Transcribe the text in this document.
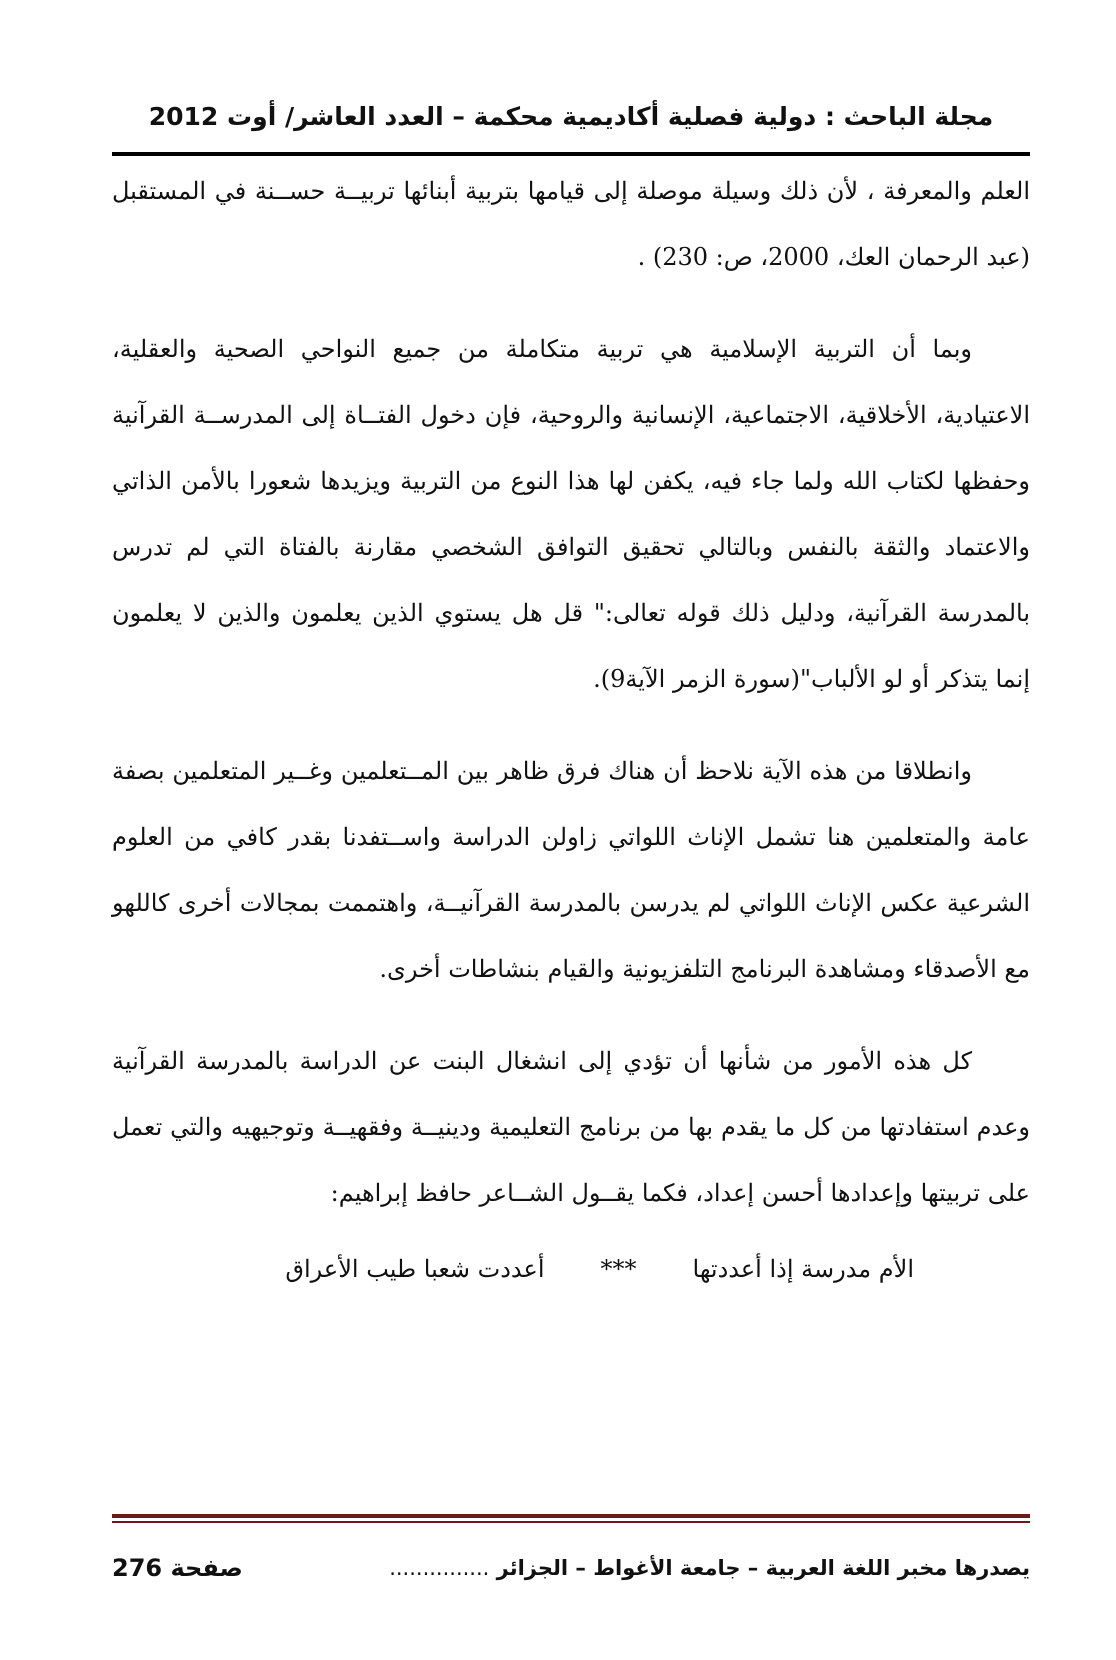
مجلة الباحث : دولية فصلية أكاديمية محكمة – العدد العاشر/ أوت 2012

العلم والمعرفة ، لأن ذلك وسيلة موصلة إلى قيامها بتربية أبنائها تربيــة حســنة في المستقبل (عبد الرحمان العك، 2000، ص: 230) .

وبما أن التربية الإسلامية هي تربية متكاملة من جميع النواحي الصحية والعقلية، الاعتيادية، الأخلاقية، الاجتماعية، الإنسانية والروحية، فإن دخول الفتــاة إلى المدرســة القرآنية وحفظها لكتاب الله ولما جاء فيه، يكفن لها هذا النوع من التربية ويزيدها شعورا بالأمن الذاتي والاعتماد والثقة بالنفس وبالتالي تحقيق التوافق الشخصي مقارنة بالفتاة التي لم تدرس بالمدرسة القرآنية، ودليل ذلك قوله تعالى:" قل هل يستوي الذين يعلمون والذين لا يعلمون إنما يتذكر أو لو الألباب"(سورة الزمر الآية9).

وانطلاقا من هذه الآية نلاحظ أن هناك فرق ظاهر بين المــتعلمين وغــير المتعلمين بصفة عامة والمتعلمين هنا تشمل الإناث اللواتي زاولن الدراسة واســتفدنا بقدر كافي من العلوم الشرعية عكس الإناث اللواتي لم يدرسن بالمدرسة القرآنيــة، واهتممت بمجالات أخرى كاللهو مع الأصدقاء ومشاهدة البرنامج التلفزيونية والقيام بنشاطات أخرى.

كل هذه الأمور من شأنها أن تؤدي إلى انشغال البنت عن الدراسة بالمدرسة القرآنية وعدم استفادتها من كل ما يقدم بها من برنامج التعليمية ودينيــة وفقهيــة وتوجيهيه والتي تعمل على تربيتها وإعدادها أحسن إعداد، فكما يقــول الشــاعر حافظ إبراهيم:

الأم مدرسة إذا أعددتها
***
أعددت شعبا طيب الأعراق
يصدرها مخبر اللغة العربية – جامعة الأغواط – الجزائر ...............
صفحة 276
